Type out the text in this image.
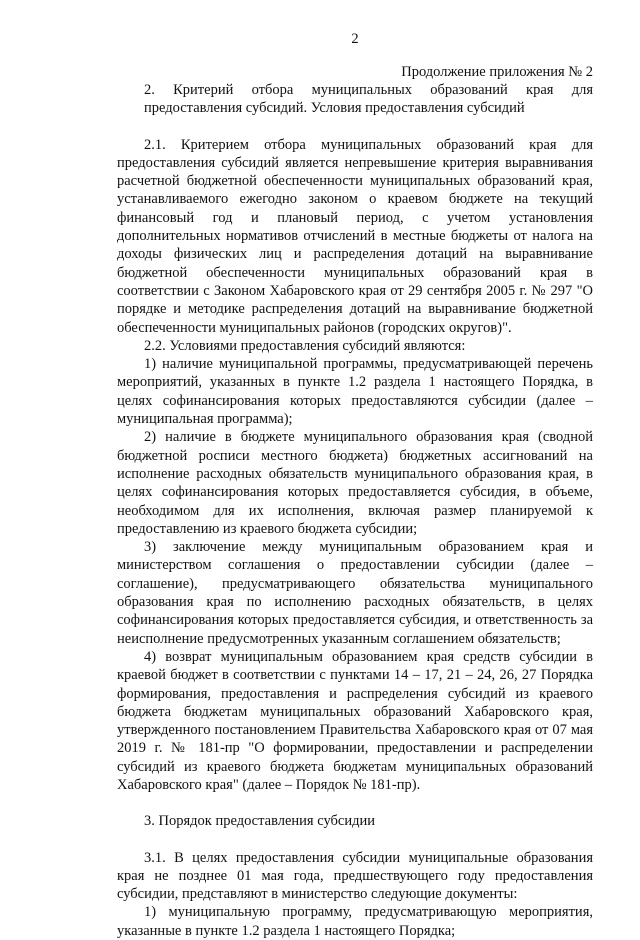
2
Продолжение приложения № 2
2. Критерий отбора муниципальных образований края для предоставления субсидий. Условия предоставления субсидий

2.1. Критерием отбора муниципальных образований края для предоставления субсидий является непревышение критерия выравнивания расчетной бюджетной обеспеченности муниципальных образований края, устанавливаемого ежегодно законом о краевом бюджете на текущий финансовый год и плановый период, с учетом установления дополнительных нормативов отчислений в местные бюджеты от налога на доходы физических лиц и распределения дотаций на выравнивание бюджетной обеспеченности муниципальных образований края в соответствии с Законом Хабаровского края от 29 сентября 2005 г. № 297 "О порядке и методике распределения дотаций на выравнивание бюджетной обеспеченности муниципальных районов (городских округов)".

2.2. Условиями предоставления субсидий являются:

1) наличие муниципальной программы, предусматривающей перечень мероприятий, указанных в пункте 1.2 раздела 1 настоящего Порядка, в целях софинансирования которых предоставляются субсидии (далее – муниципальная программа);

2) наличие в бюджете муниципального образования края (сводной бюджетной росписи местного бюджета) бюджетных ассигнований на исполнение расходных обязательств муниципального образования края, в целях софинансирования которых предоставляется субсидия, в объеме, необходимом для их исполнения, включая размер планируемой к предоставлению из краевого бюджета субсидии;

3) заключение между муниципальным образованием края и министерством соглашения о предоставлении субсидии (далее – соглашение), предусматривающего обязательства муниципального образования края по исполнению расходных обязательств, в целях софинансирования которых предоставляется субсидия, и ответственность за неисполнение предусмотренных указанным соглашением обязательств;

4) возврат муниципальным образованием края средств субсидии в краевой бюджет в соответствии с пунктами 14 – 17, 21 – 24, 26, 27 Порядка формирования, предоставления и распределения субсидий из краевого бюджета бюджетам муниципальных образований Хабаровского края, утвержденного постановлением Правительства Хабаровского края от 07 мая 2019 г. № 181-пр "О формировании, предоставлении и распределении субсидий из краевого бюджета бюджетам муниципальных образований Хабаровского края" (далее – Порядок № 181-пр).

3. Порядок предоставления субсидии

3.1. В целях предоставления субсидии муниципальные образования края не позднее 01 мая года, предшествующего году предоставления субсидии, представляют в министерство следующие документы:

1) муниципальную программу, предусматривающую мероприятия, указанные в пункте 1.2 раздела 1 настоящего Порядка;
